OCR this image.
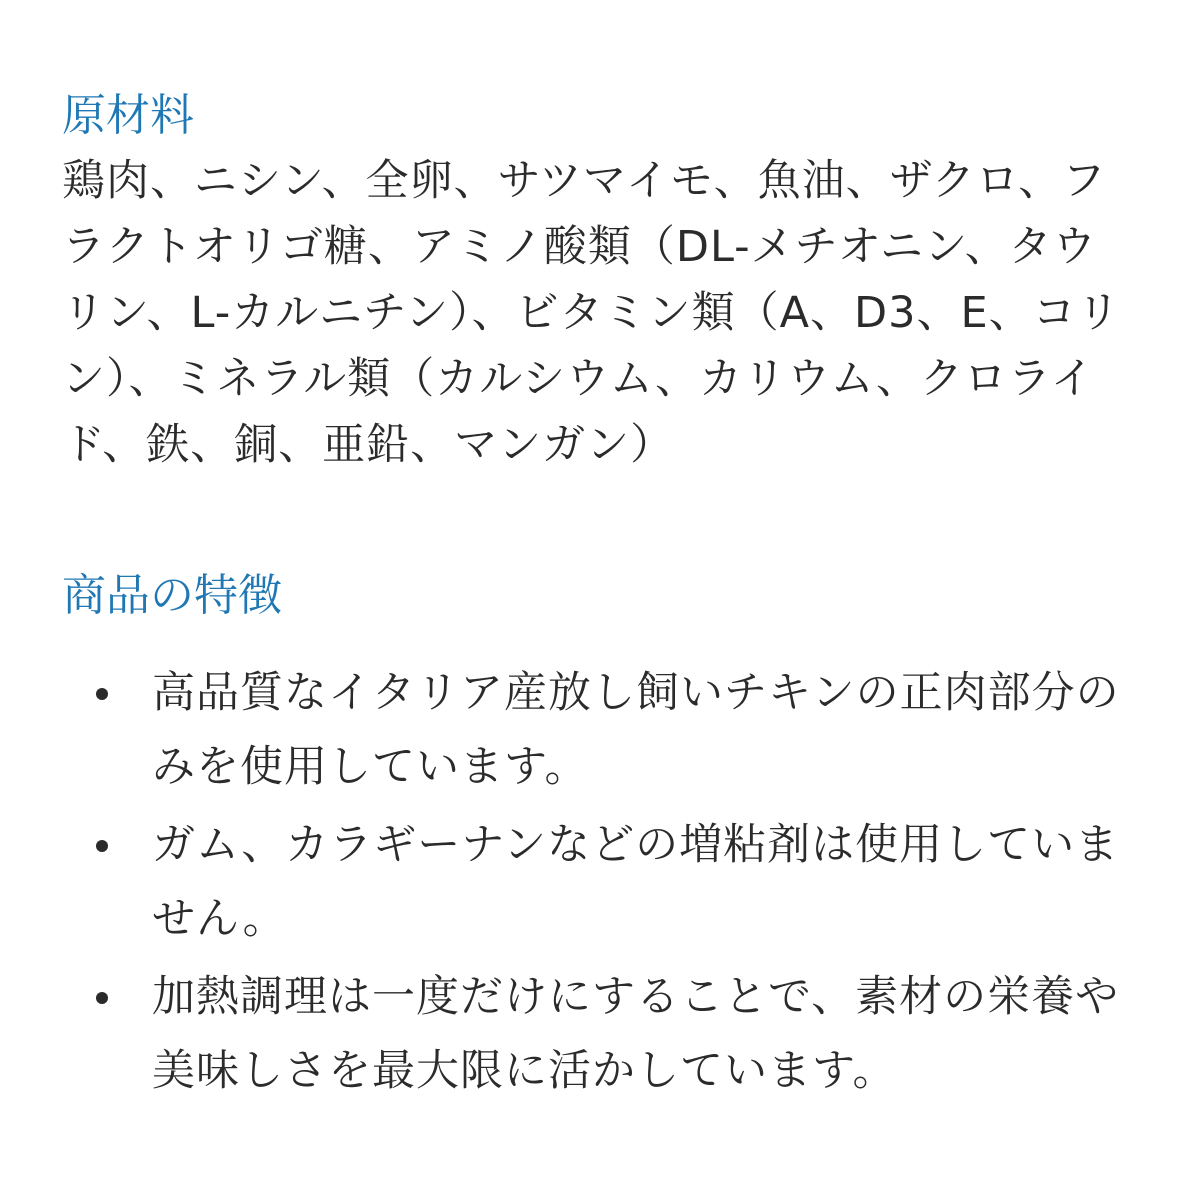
原材料

鶏肉、ニシン、全卵、サツマイモ、魚油、ザクロ、フラクトオリゴ糖、アミノ酸類（DL-メチオニン、タウリン、L-カルニチン）、ビタミン類（A、D3、E、コリン）、ミネラル類（カルシウム、カリウム、クロライド、鉄、銅、亜鉛、マンガン）

商品の特徴
高品質なイタリア産放し飼いチキンの正肉部分のみを使用しています。
ガム、カラギーナンなどの増粘剤は使用していません。
加熱調理は一度だけにすることで、素材の栄養や美味しさを最大限に活かしています。
